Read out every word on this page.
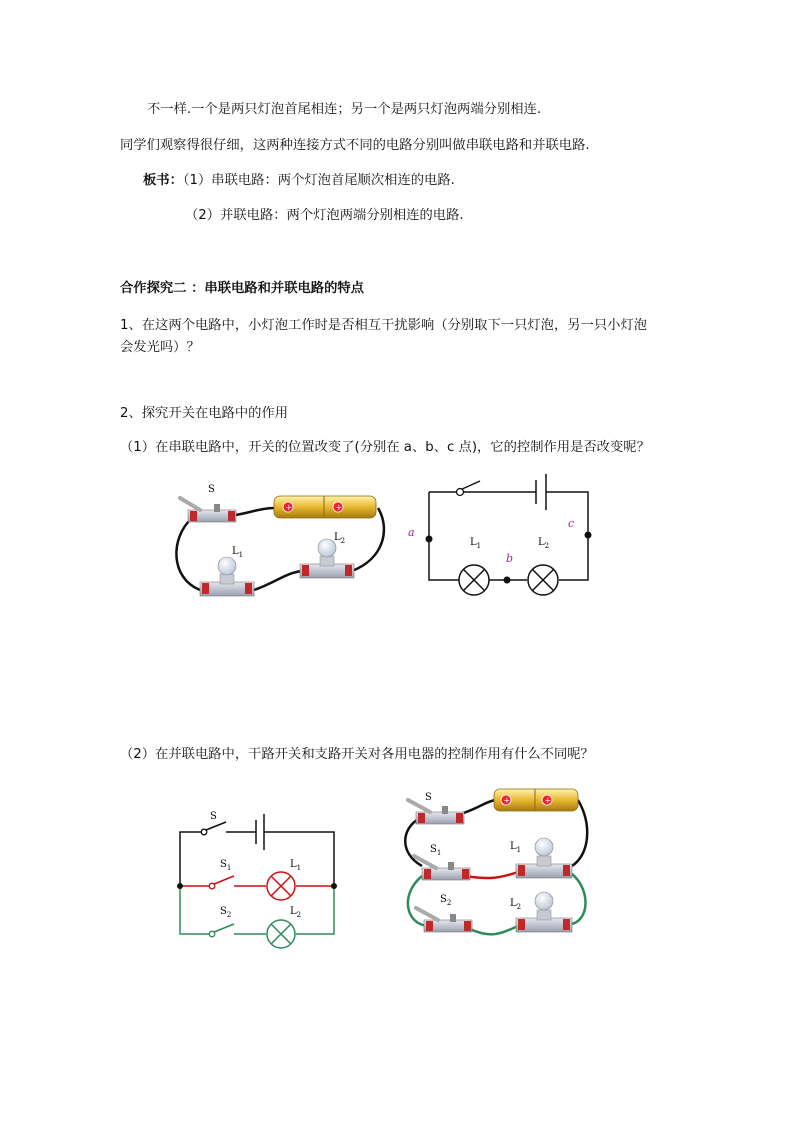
不一样.一个是两只灯泡首尾相连；另一个是两只灯泡两端分别相连.
同学们观察得很仔细，这两种连接方式不同的电路分别叫做串联电路和并联电路.
板书：（1）串联电路：两个灯泡首尾顺次相连的电路.
（2）并联电路：两个灯泡两端分别相连的电路.
合作探究二 ：串联电路和并联电路的特点
1、在这两个电路中，小灯泡工作时是否相互干扰影响（分别取下一只灯泡，另一只小灯泡
会发光吗）？
2、探究开关在电路中的作用
（1）在串联电路中，开关的位置改变了(分别在 a、b、c 点)，它的控制作用是否改变呢？
（2）在并联电路中，干路开关和支路开关对各用电器的控制作用有什么不同呢？
S
+	+
$L_1$
$L_2$
a
b
c
$L_1$	$L_2$
S
$S_1$
$S_2$
$L_1$
$L_2$
S	+	+
$S_1$
$L_1$
$S_2$	$L_2$
